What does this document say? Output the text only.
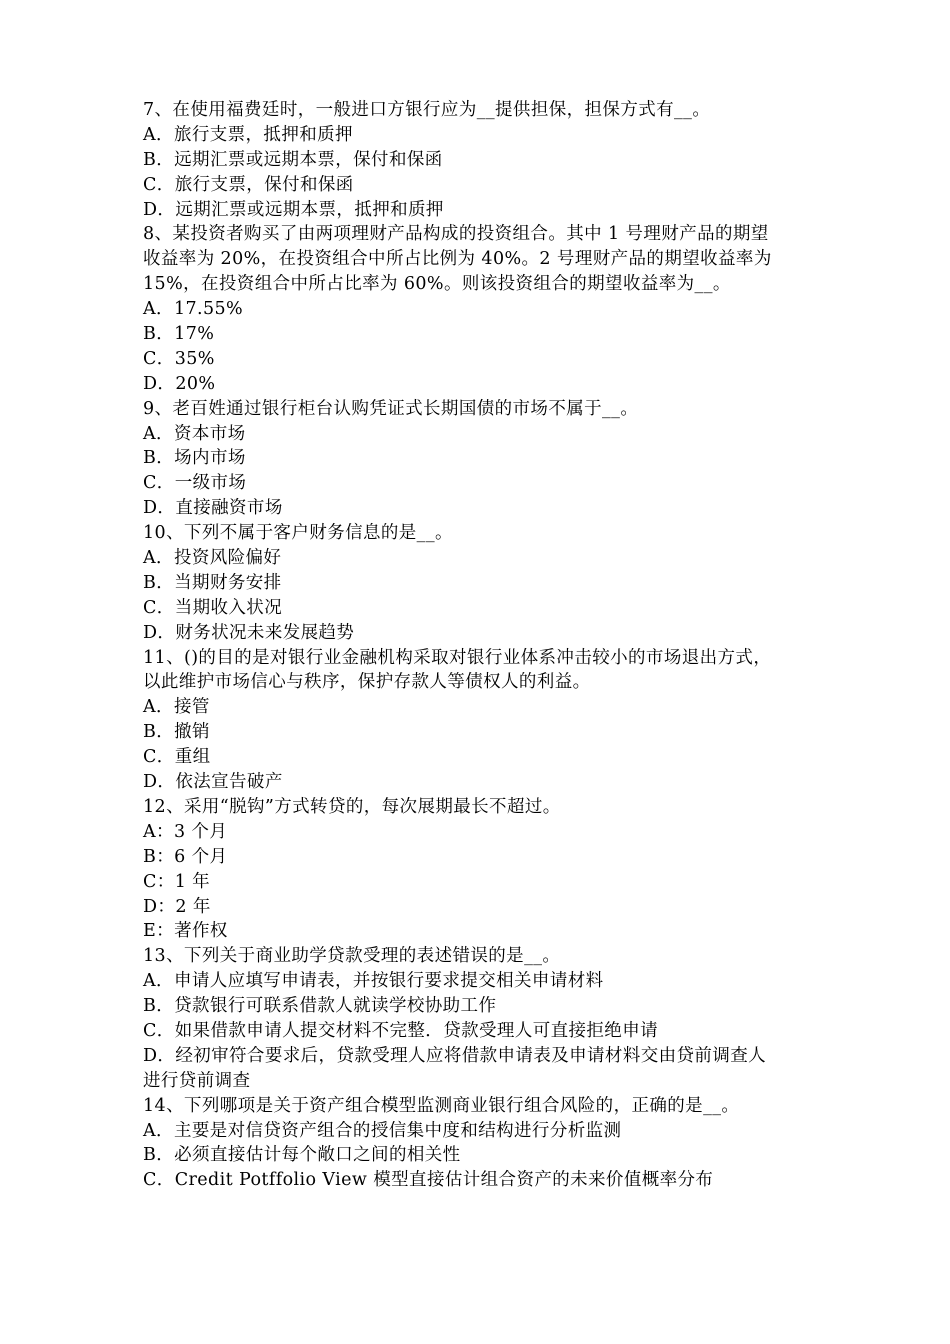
7、在使用福费廷时，一般进口方银行应为__提供担保，担保方式有__。
A．旅行支票，抵押和质押
B．远期汇票或远期本票，保付和保函
C．旅行支票，保付和保函
D．远期汇票或远期本票，抵押和质押
8、某投资者购买了由两项理财产品构成的投资组合。其中 1 号理财产品的期望
收益率为 20%，在投资组合中所占比例为 40%。2 号理财产品的期望收益率为
15%，在投资组合中所占比率为 60%。则该投资组合的期望收益率为__。
A．17.55%
B．17%
C．35%
D．20%
9、老百姓通过银行柜台认购凭证式长期国债的市场不属于__。
A．资本市场
B．场内市场
C．一级市场
D．直接融资市场
10、下列不属于客户财务信息的是__。
A．投资风险偏好
B．当期财务安排
C．当期收入状况
D．财务状况未来发展趋势
11、()的目的是对银行业金融机构采取对银行业体系冲击较小的市场退出方式，
以此维护市场信心与秩序，保护存款人等债权人的利益。
A．接管
B．撤销
C．重组
D．依法宣告破产
12、采用“脱钩”方式转贷的，每次展期最长不超过。
A：3 个月
B：6 个月
C：1 年
D：2 年
E：著作权
13、下列关于商业助学贷款受理的表述错误的是__。
A．申请人应填写申请表，并按银行要求提交相关申请材料
B．贷款银行可联系借款人就读学校协助工作
C．如果借款申请人提交材料不完整．贷款受理人可直接拒绝申请
D．经初审符合要求后，贷款受理人应将借款申请表及申请材料交由贷前调查人
进行贷前调查
14、下列哪项是关于资产组合模型监测商业银行组合风险的，正确的是__。
A．主要是对信贷资产组合的授信集中度和结构进行分析监测
B．必须直接估计每个敞口之间的相关性
C．Credit Potffolio View 模型直接估计组合资产的未来价值概率分布
